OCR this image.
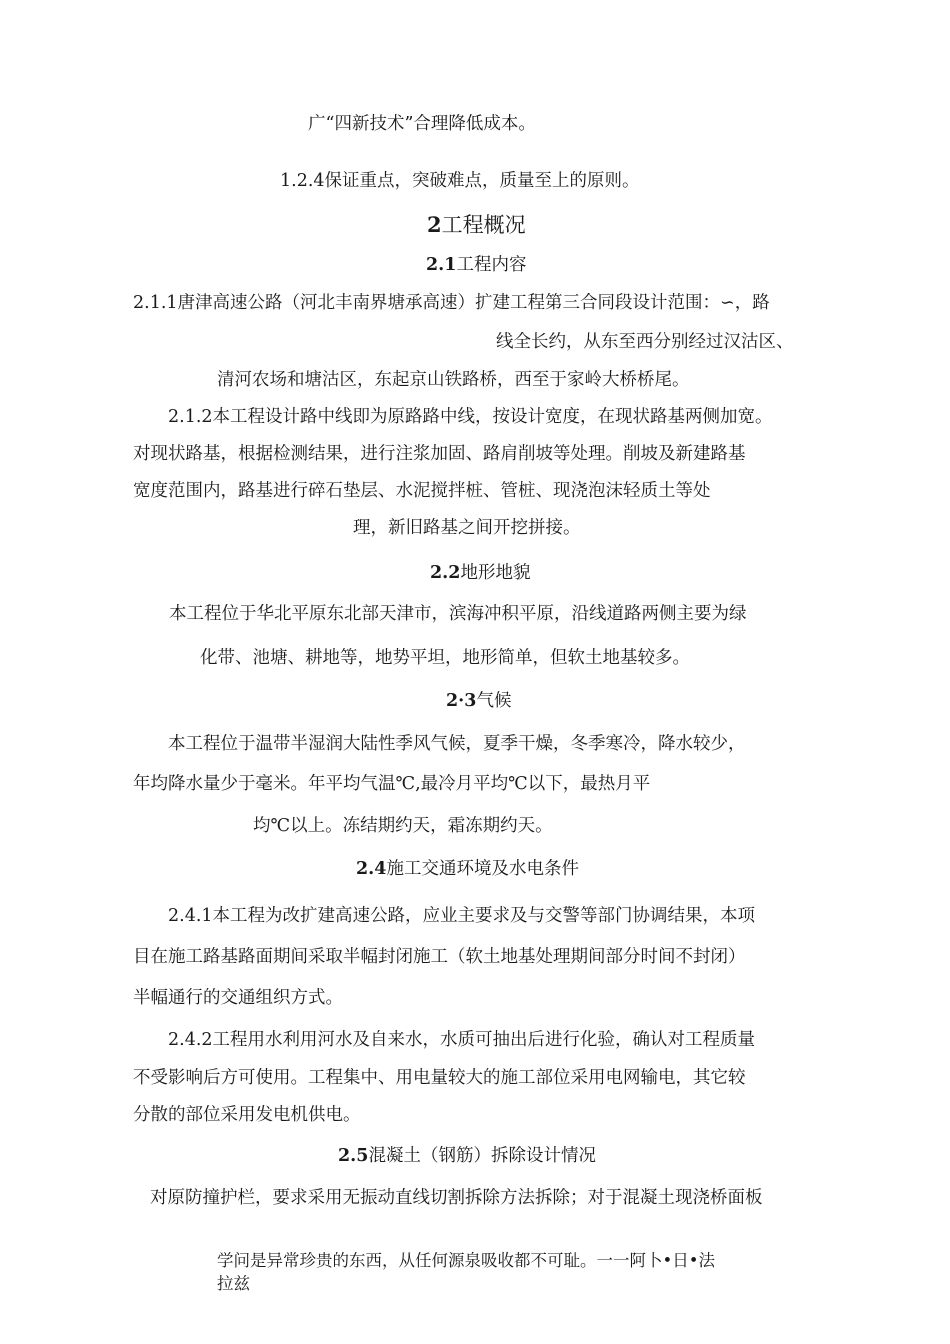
广“四新技术”合理降低成本。
1.2.4保证重点，突破难点，质量至上的原则。
2工程概况
2.1工程内容
2.1.1唐津高速公路（河北丰南界塘承高速）扩建工程第三合同段设计范围：∽，路
线全长约，从东至西分别经过汉沽区、
清河农场和塘沽区，东起京山铁路桥，西至于家岭大桥桥尾。
2.1.2本工程设计路中线即为原路路中线，按设计宽度，在现状路基两侧加宽。
对现状路基，根据检测结果，进行注浆加固、路肩削坡等处理。削坡及新建路基
宽度范围内，路基进行碎石垫层、水泥搅拌桩、管桩、现浇泡沫轻质土等处
理，新旧路基之间开挖拼接。
2.2地形地貌
本工程位于华北平原东北部天津市，滨海冲积平原，沿线道路两侧主要为绿
化带、池塘、耕地等，地势平坦，地形简单，但软土地基较多。
2·3气候
本工程位于温带半湿润大陆性季风气候，夏季干燥，冬季寒冷，降水较少，
年均降水量少于毫米。年平均气温℃,最冷月平均℃以下，最热月平
均℃以上。冻结期约天，霜冻期约天。
2.4施工交通环境及水电条件
2.4.1本工程为改扩建高速公路，应业主要求及与交警等部门协调结果，本项
目在施工路基路面期间采取半幅封闭施工（软土地基处理期间部分时间不封闭）
半幅通行的交通组织方式。
2.4.2工程用水利用河水及自来水，水质可抽出后进行化验，确认对工程质量
不受影响后方可使用。工程集中、用电量较大的施工部位采用电网输电，其它较
分散的部位采用发电机供电。
2.5混凝土（钢筋）拆除设计情况
对原防撞护栏，要求采用无振动直线切割拆除方法拆除；对于混凝土现浇桥面板
学问是异常珍贵的东西，从任何源泉吸收都不可耻。一一阿卜•日•法
拉兹
